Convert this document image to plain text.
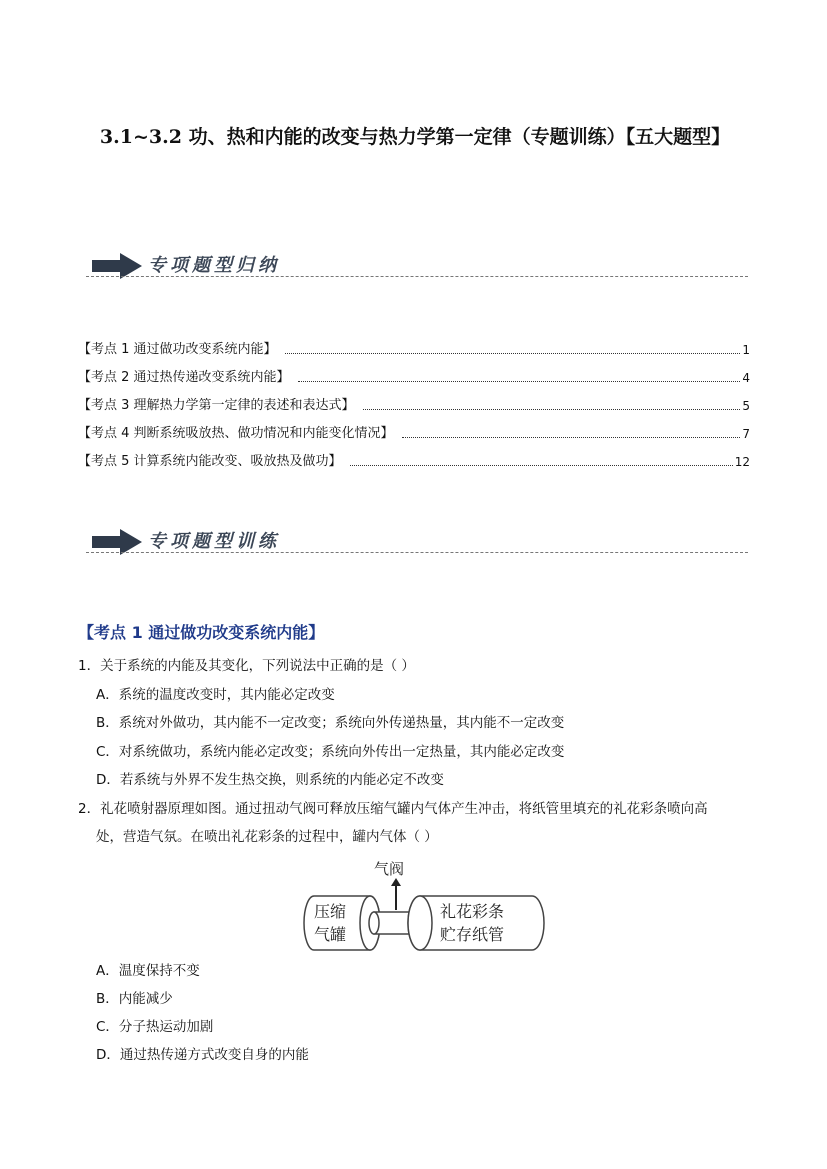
3.1~3.2 功、热和内能的改变与热力学第一定律（专题训练）【五大题型】
专项题型归纳
【考点 1 通过做功改变系统内能】	1
【考点 2 通过热传递改变系统内能】	4
【考点 3 理解热力学第一定律的表述和表达式】	5
【考点 4 判断系统吸放热、做功情况和内能变化情况】	7
【考点 5 计算系统内能改变、吸放热及做功】	12
专项题型训练
【考点 1 通过做功改变系统内能】
1．关于系统的内能及其变化，下列说法中正确的是（ ）
A．系统的温度改变时，其内能必定改变
B．系统对外做功，其内能不一定改变；系统向外传递热量，其内能不一定改变
C．对系统做功，系统内能必定改变；系统向外传出一定热量，其内能必定改变
D．若系统与外界不发生热交换，则系统的内能必定不改变
2．礼花喷射器原理如图。通过扭动气阀可释放压缩气罐内气体产生冲击，将纸管里填充的礼花彩条喷向高
处，营造气氛。在喷出礼花彩条的过程中，罐内气体（ ）
气阀
压缩
气罐
礼花彩条
贮存纸管
A．温度保持不变
B．内能减少
C．分子热运动加剧
D．通过热传递方式改变自身的内能
